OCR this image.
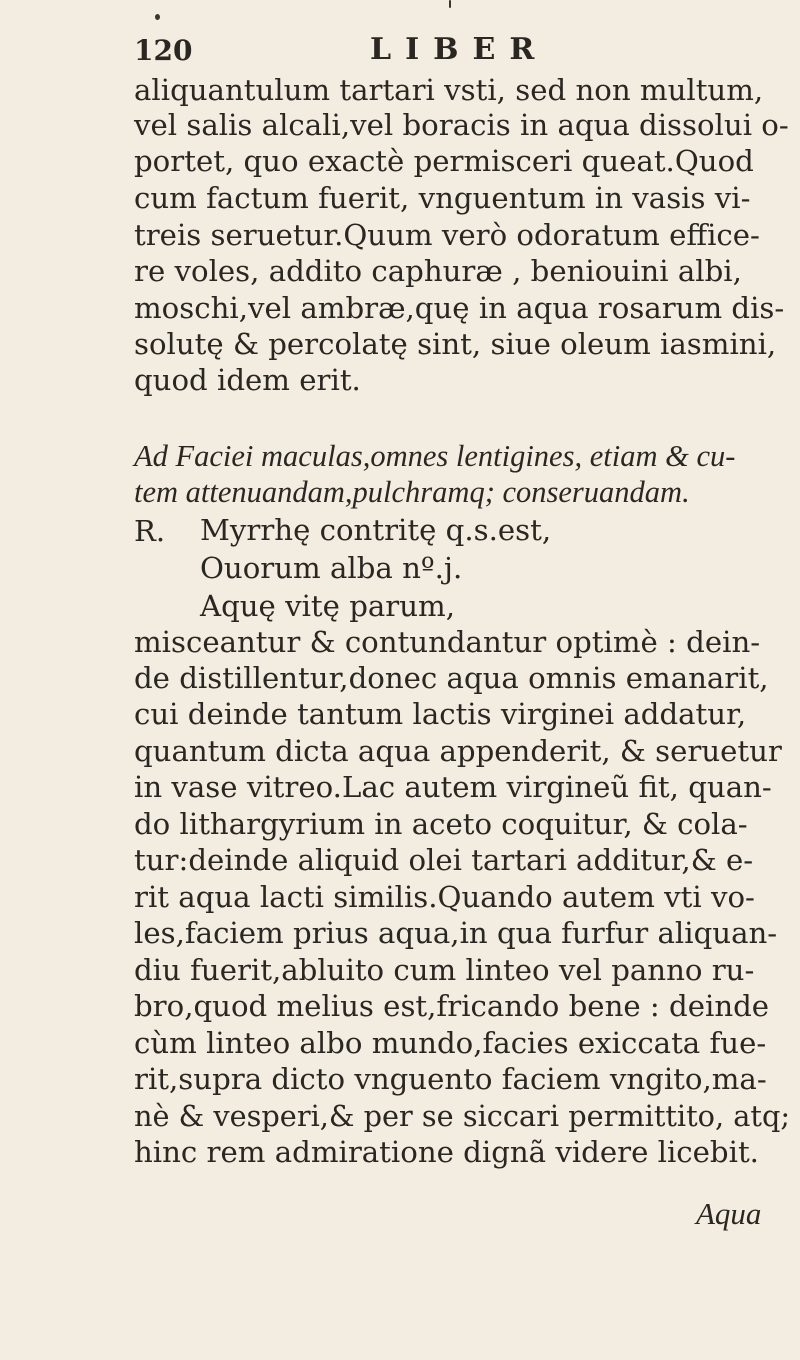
120	LIBER
aliquantulum tartari vsti, sed non multum,
vel salis alcali,vel boracis in aqua dissolui o-
portet, quo exactè permisceri queat.Quod
cum factum fuerit, vnguentum in vasis vi-
treis seruetur.Quum verò odoratum effice-
re voles, addito caphuræ , beniouini albi,
moschi,vel ambræ,quę in aqua rosarum dis-
solutę & percolatę sint, siue oleum iasmini,
quod idem erit.
Ad Faciei maculas,omnes lentigines, etiam & cu-
tem attenuandam,pulchramq; conseruandam.
R. Myrrhę contritę q.s.est,
Ouorum alba nº.j.
Aquę vitę parum,
misceantur & contundantur optimè : dein-
de distillentur,donec aqua omnis emanarit,
cui deinde tantum lactis virginei addatur,
quantum dicta aqua appenderit, & seruetur
in vase vitreo.Lac autem virgineũ fit, quan-
do lithargyrium in aceto coquitur, & cola-
tur:deinde aliquid olei tartari additur,& e-
rit aqua lacti similis.Quando autem vti vo-
les,faciem prius aqua,in qua furfur aliquan-
diu fuerit,abluito cum linteo vel panno ru-
bro,quod melius est,fricando bene : deinde
cùm linteo albo mundo,facies exiccata fue-
rit,supra dicto vnguento faciem vngito,ma-
nè & vesperi,& per se siccari permittito, atq;
hinc rem admiratione dignã videre licebit.
Aqua
